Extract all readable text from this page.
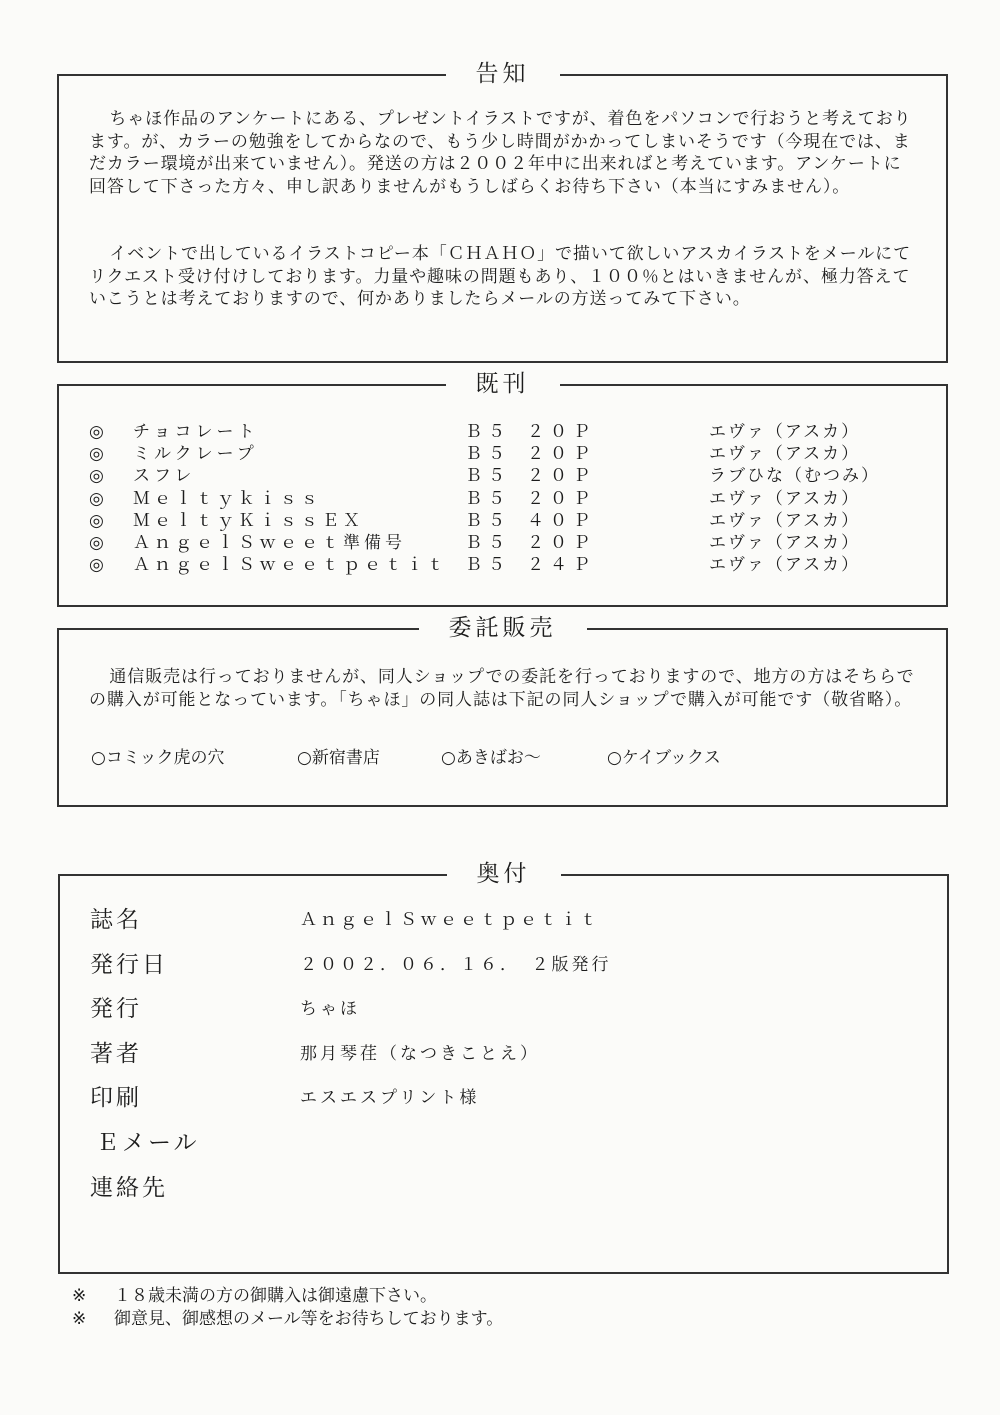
告知

ちゃほ作品のアンケートにある、プレゼントイラストですが、着色をパソコンで行おうと考えております。が、カラーの勉強をしてからなので、もう少し時間がかかってしまいそうです（今現在では、まだカラー環境が出来ていません）。発送の方は２００２年中に出来ればと考えています。アンケートに回答して下さった方々、申し訳ありませんがもうしばらくお待ち下さい（本当にすみません）。

イベントで出しているイラストコピー本「ＣＨＡＨＯ」で描いて欲しいアスカイラストをメールにてリクエスト受け付けしております。力量や趣味の問題もあり、１００％とはいきませんが、極力答えていこうとは考えておりますので、何かありましたらメールの方送ってみて下さい。

既刊
◎ チョコレート	Ｂ５ ２０Ｐ	エヴァ（アスカ）
◎ ミルクレープ	Ｂ５ ２０Ｐ	エヴァ（アスカ）
◎ スフレ	Ｂ５ ２０Ｐ	ラブひな（むつみ）
◎ Ｍｅｌｔｙｋｉｓｓ	Ｂ５ ２０Ｐ	エヴァ（アスカ）
◎ ＭｅｌｔｙＫｉｓｓＥＸ	Ｂ５ ４０Ｐ	エヴァ（アスカ）
◎ ＡｎｇｅｌＳｗｅｅｔ準備号	Ｂ５ ２０Ｐ	エヴァ（アスカ）
◎ ＡｎｇｅｌＳｗｅｅｔｐｅｔｉｔ Ｂ５ ２４Ｐ	エヴァ（アスカ）
委託販売

通信販売は行っておりませんが、同人ショップでの委託を行っておりますので、地方の方はそちらでの購入が可能となっています。「ちゃほ」の同人誌は下記の同人ショップで購入が可能です（敬省略）。

○コミック虎の穴	○新宿書店	○あきばお～	○ケイブックス
奥付
誌名	ＡｎｇｅｌＳｗｅｅｔｐｅｔｉｔ
発行日	２００２．０６．１６．　２版発行
発行	ちゃほ
著者	那月琴荏（なつきことえ）
印刷	エスエスプリント様
Ｅメール
連絡先
※ １８歳未満の方の御購入は御遠慮下さい。
※ 御意見、御感想のメール等をお待ちしております。
